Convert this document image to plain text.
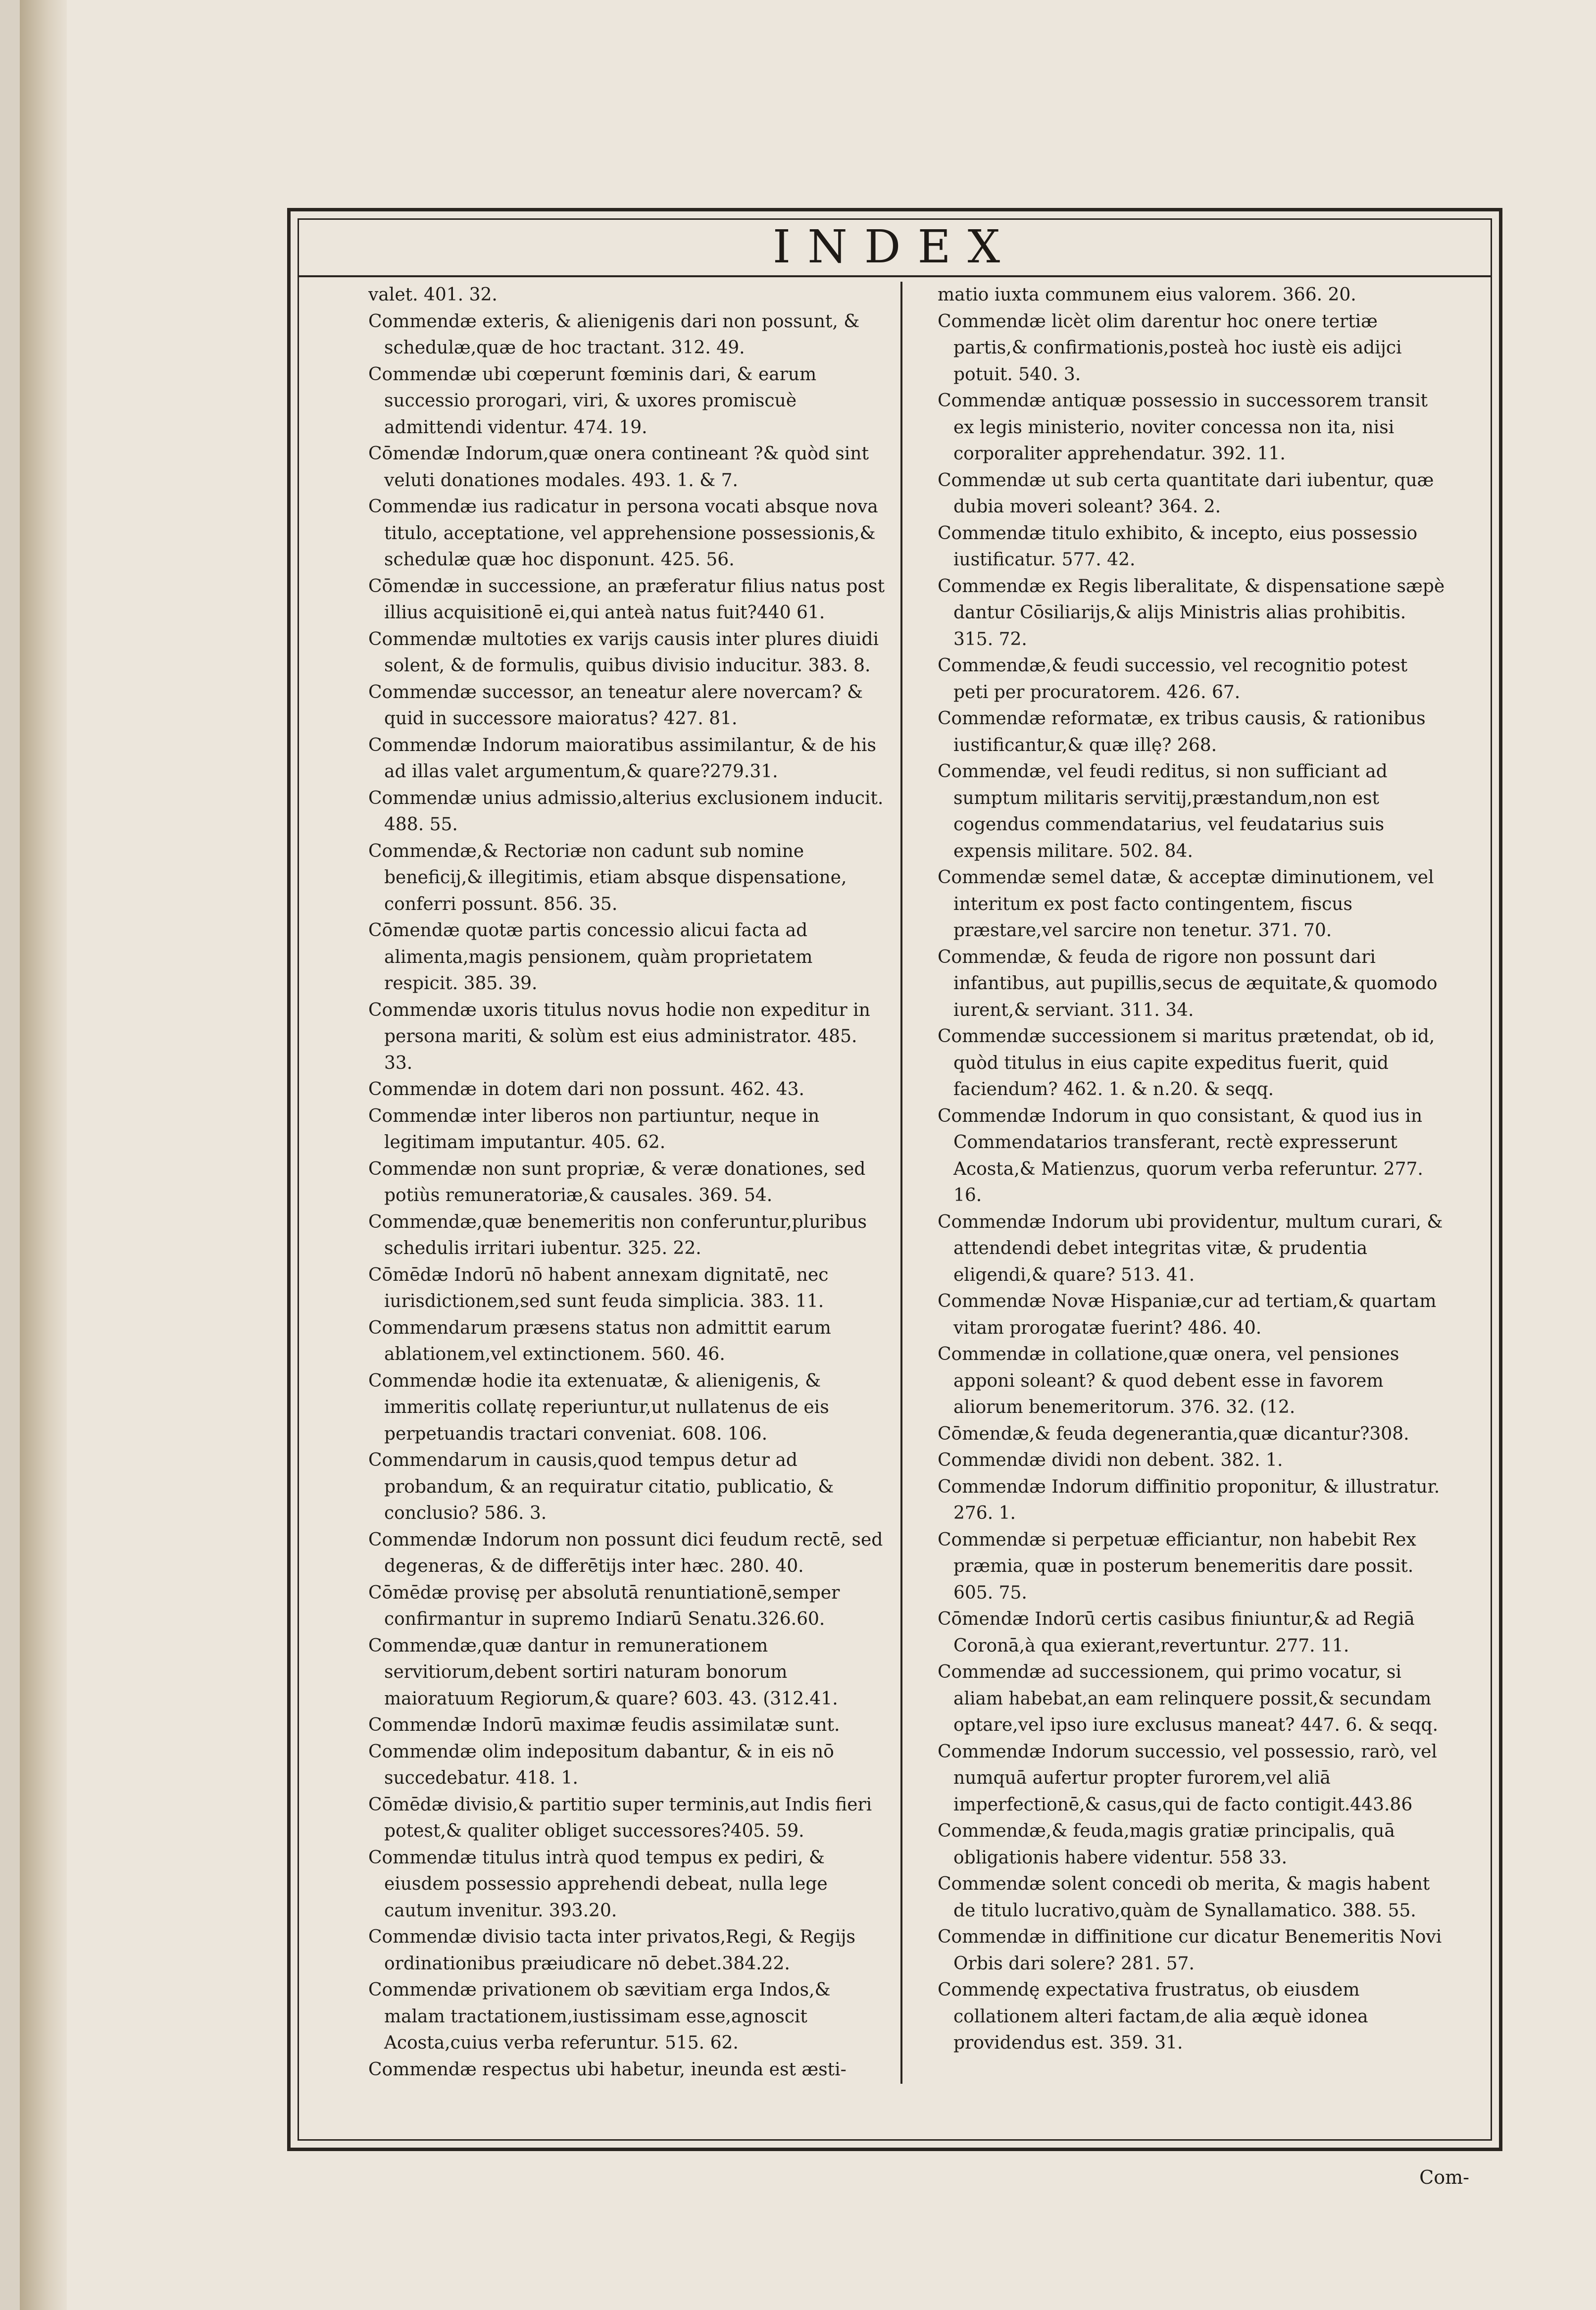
INDEX

valet. 401. 32.

Commendæ exteris, & alienigenis dari non possunt, & schedulæ,quæ de hoc tractant. 312. 49.

Commendæ ubi cœperunt fœminis dari, & earum successio prorogari, viri, & uxores promiscuè admittendi videntur. 474. 19.

Cōmendæ Indorum,quæ onera contineant ?& quòd sint veluti donationes modales. 493. 1. & 7.

Commendæ ius radicatur in persona vocati absque nova titulo, acceptatione, vel apprehensione possessionis,& schedulæ quæ hoc disponunt. 425. 56.

Cōmendæ in successione, an præferatur filius natus post illius acquisitionē ei,qui anteà natus fuit?440 61.

Commendæ multoties ex varijs causis inter plures diuidi solent, & de formulis, quibus divisio inducitur. 383. 8.

Commendæ successor, an teneatur alere novercam? & quid in successore maioratus? 427. 81.

Commendæ Indorum maioratibus assimilantur, & de his ad illas valet argumentum,& quare?279.31.

Commendæ unius admissio,alterius exclusionem inducit. 488. 55.

Commendæ,& Rectoriæ non cadunt sub nomine beneficij,& illegitimis, etiam absque dispensatione, conferri possunt. 856. 35.

Cōmendæ quotæ partis concessio alicui facta ad alimenta,magis pensionem, quàm proprietatem respicit. 385. 39.

Commendæ uxoris titulus novus hodie non expeditur in persona mariti, & solùm est eius administrator. 485. 33.

Commendæ in dotem dari non possunt. 462. 43.

Commendæ inter liberos non partiuntur, neque in legitimam imputantur. 405. 62.

Commendæ non sunt propriæ, & veræ donationes, sed potiùs remuneratoriæ,& causales. 369. 54.

Commendæ,quæ benemeritis non conferuntur,pluribus schedulis irritari iubentur. 325. 22.

Cōmēdæ Indorū nō habent annexam dignitatē, nec iurisdictionem,sed sunt feuda simplicia. 383. 11.

Commendarum præsens status non admittit earum ablationem,vel extinctionem. 560. 46.

Commendæ hodie ita extenuatæ, & alienigenis, & immeritis collatę reperiuntur,ut nullatenus de eis perpetuandis tractari conveniat. 608. 106.

Commendarum in causis,quod tempus detur ad probandum, & an requiratur citatio, publicatio, & conclusio? 586. 3.

Commendæ Indorum non possunt dici feudum rectē, sed degeneras, & de differētijs inter hæc. 280. 40.

Cōmēdæ provisę per absolutā renuntiationē,semper confirmantur in supremo Indiarū Senatu.326.60.

Commendæ,quæ dantur in remunerationem servitiorum,debent sortiri naturam bonorum maioratuum Regiorum,& quare? 603. 43. (312.41.

Commendæ Indorū maximæ feudis assimilatæ sunt.

Commendæ olim indepositum dabantur, & in eis nō succedebatur. 418. 1.

Cōmēdæ divisio,& partitio super terminis,aut Indis fieri potest,& qualiter obliget successores?405. 59.

Commendæ titulus intrà quod tempus ex pediri, & eiusdem possessio apprehendi debeat, nulla lege cautum invenitur. 393.20.

Commendæ divisio tacta inter privatos,Regi, & Regijs ordinationibus præiudicare nō debet.384.22.

Commendæ privationem ob sævitiam erga Indos,& malam tractationem,iustissimam esse,agnoscit Acosta,cuius verba referuntur. 515. 62.

Commendæ respectus ubi habetur, ineunda est æsti-

matio iuxta communem eius valorem. 366. 20.

Commendæ licèt olim darentur hoc onere tertiæ partis,& confirmationis,posteà hoc iustè eis adijci potuit. 540. 3.

Commendæ antiquæ possessio in successorem transit ex legis ministerio, noviter concessa non ita, nisi corporaliter apprehendatur. 392. 11.

Commendæ ut sub certa quantitate dari iubentur, quæ dubia moveri soleant? 364. 2.

Commendæ titulo exhibito, & incepto, eius possessio iustificatur. 577. 42.

Commendæ ex Regis liberalitate, & dispensatione sæpè dantur Cōsiliarijs,& alijs Ministris alias prohibitis. 315. 72.

Commendæ,& feudi successio, vel recognitio potest peti per procuratorem. 426. 67.

Commendæ reformatæ, ex tribus causis, & rationibus iustificantur,& quæ illę? 268.

Commendæ, vel feudi reditus, si non sufficiant ad sumptum militaris servitij,præstandum,non est cogendus commendatarius, vel feudatarius suis expensis militare. 502. 84.

Commendæ semel datæ, & acceptæ diminutionem, vel interitum ex post facto contingentem, fiscus præstare,vel sarcire non tenetur. 371. 70.

Commendæ, & feuda de rigore non possunt dari infantibus, aut pupillis,secus de æquitate,& quomodo iurent,& serviant. 311. 34.

Commendæ successionem si maritus prætendat, ob id, quòd titulus in eius capite expeditus fuerit, quid faciendum? 462. 1. & n.20. & seqq.

Commendæ Indorum in quo consistant, & quod ius in Commendatarios transferant, rectè expresserunt Acosta,& Matienzus, quorum verba referuntur. 277. 16.

Commendæ Indorum ubi providentur, multum curari, & attendendi debet integritas vitæ, & prudentia eligendi,& quare? 513. 41.

Commendæ Novæ Hispaniæ,cur ad tertiam,& quartam vitam prorogatæ fuerint? 486. 40.

Commendæ in collatione,quæ onera, vel pensiones apponi soleant? & quod debent esse in favorem aliorum benemeritorum. 376. 32. (12.

Cōmendæ,& feuda degenerantia,quæ dicantur?308.

Commendæ dividi non debent. 382. 1.

Commendæ Indorum diffinitio proponitur, & illustratur. 276. 1.

Commendæ si perpetuæ efficiantur, non habebit Rex præmia, quæ in posterum benemeritis dare possit. 605. 75.

Cōmendæ Indorū certis casibus finiuntur,& ad Regiā Coronā,à qua exierant,revertuntur. 277. 11.

Commendæ ad successionem, qui primo vocatur, si aliam habebat,an eam relinquere possit,& secundam optare,vel ipso iure exclusus maneat? 447. 6. & seqq.

Commendæ Indorum successio, vel possessio, rarò, vel numquā aufertur propter furorem,vel aliā imperfectionē,& casus,qui de facto contigit.443.86

Commendæ,& feuda,magis gratiæ principalis, quā obligationis habere videntur. 558 33.

Commendæ solent concedi ob merita, & magis habent de titulo lucrativo,quàm de Synallamatico. 388. 55.

Commendæ in diffinitione cur dicatur Benemeritis Novi Orbis dari solere? 281. 57.

Commendę expectativa frustratus, ob eiusdem collationem alteri factam,de alia æquè idonea providendus est. 359. 31.

Com-
